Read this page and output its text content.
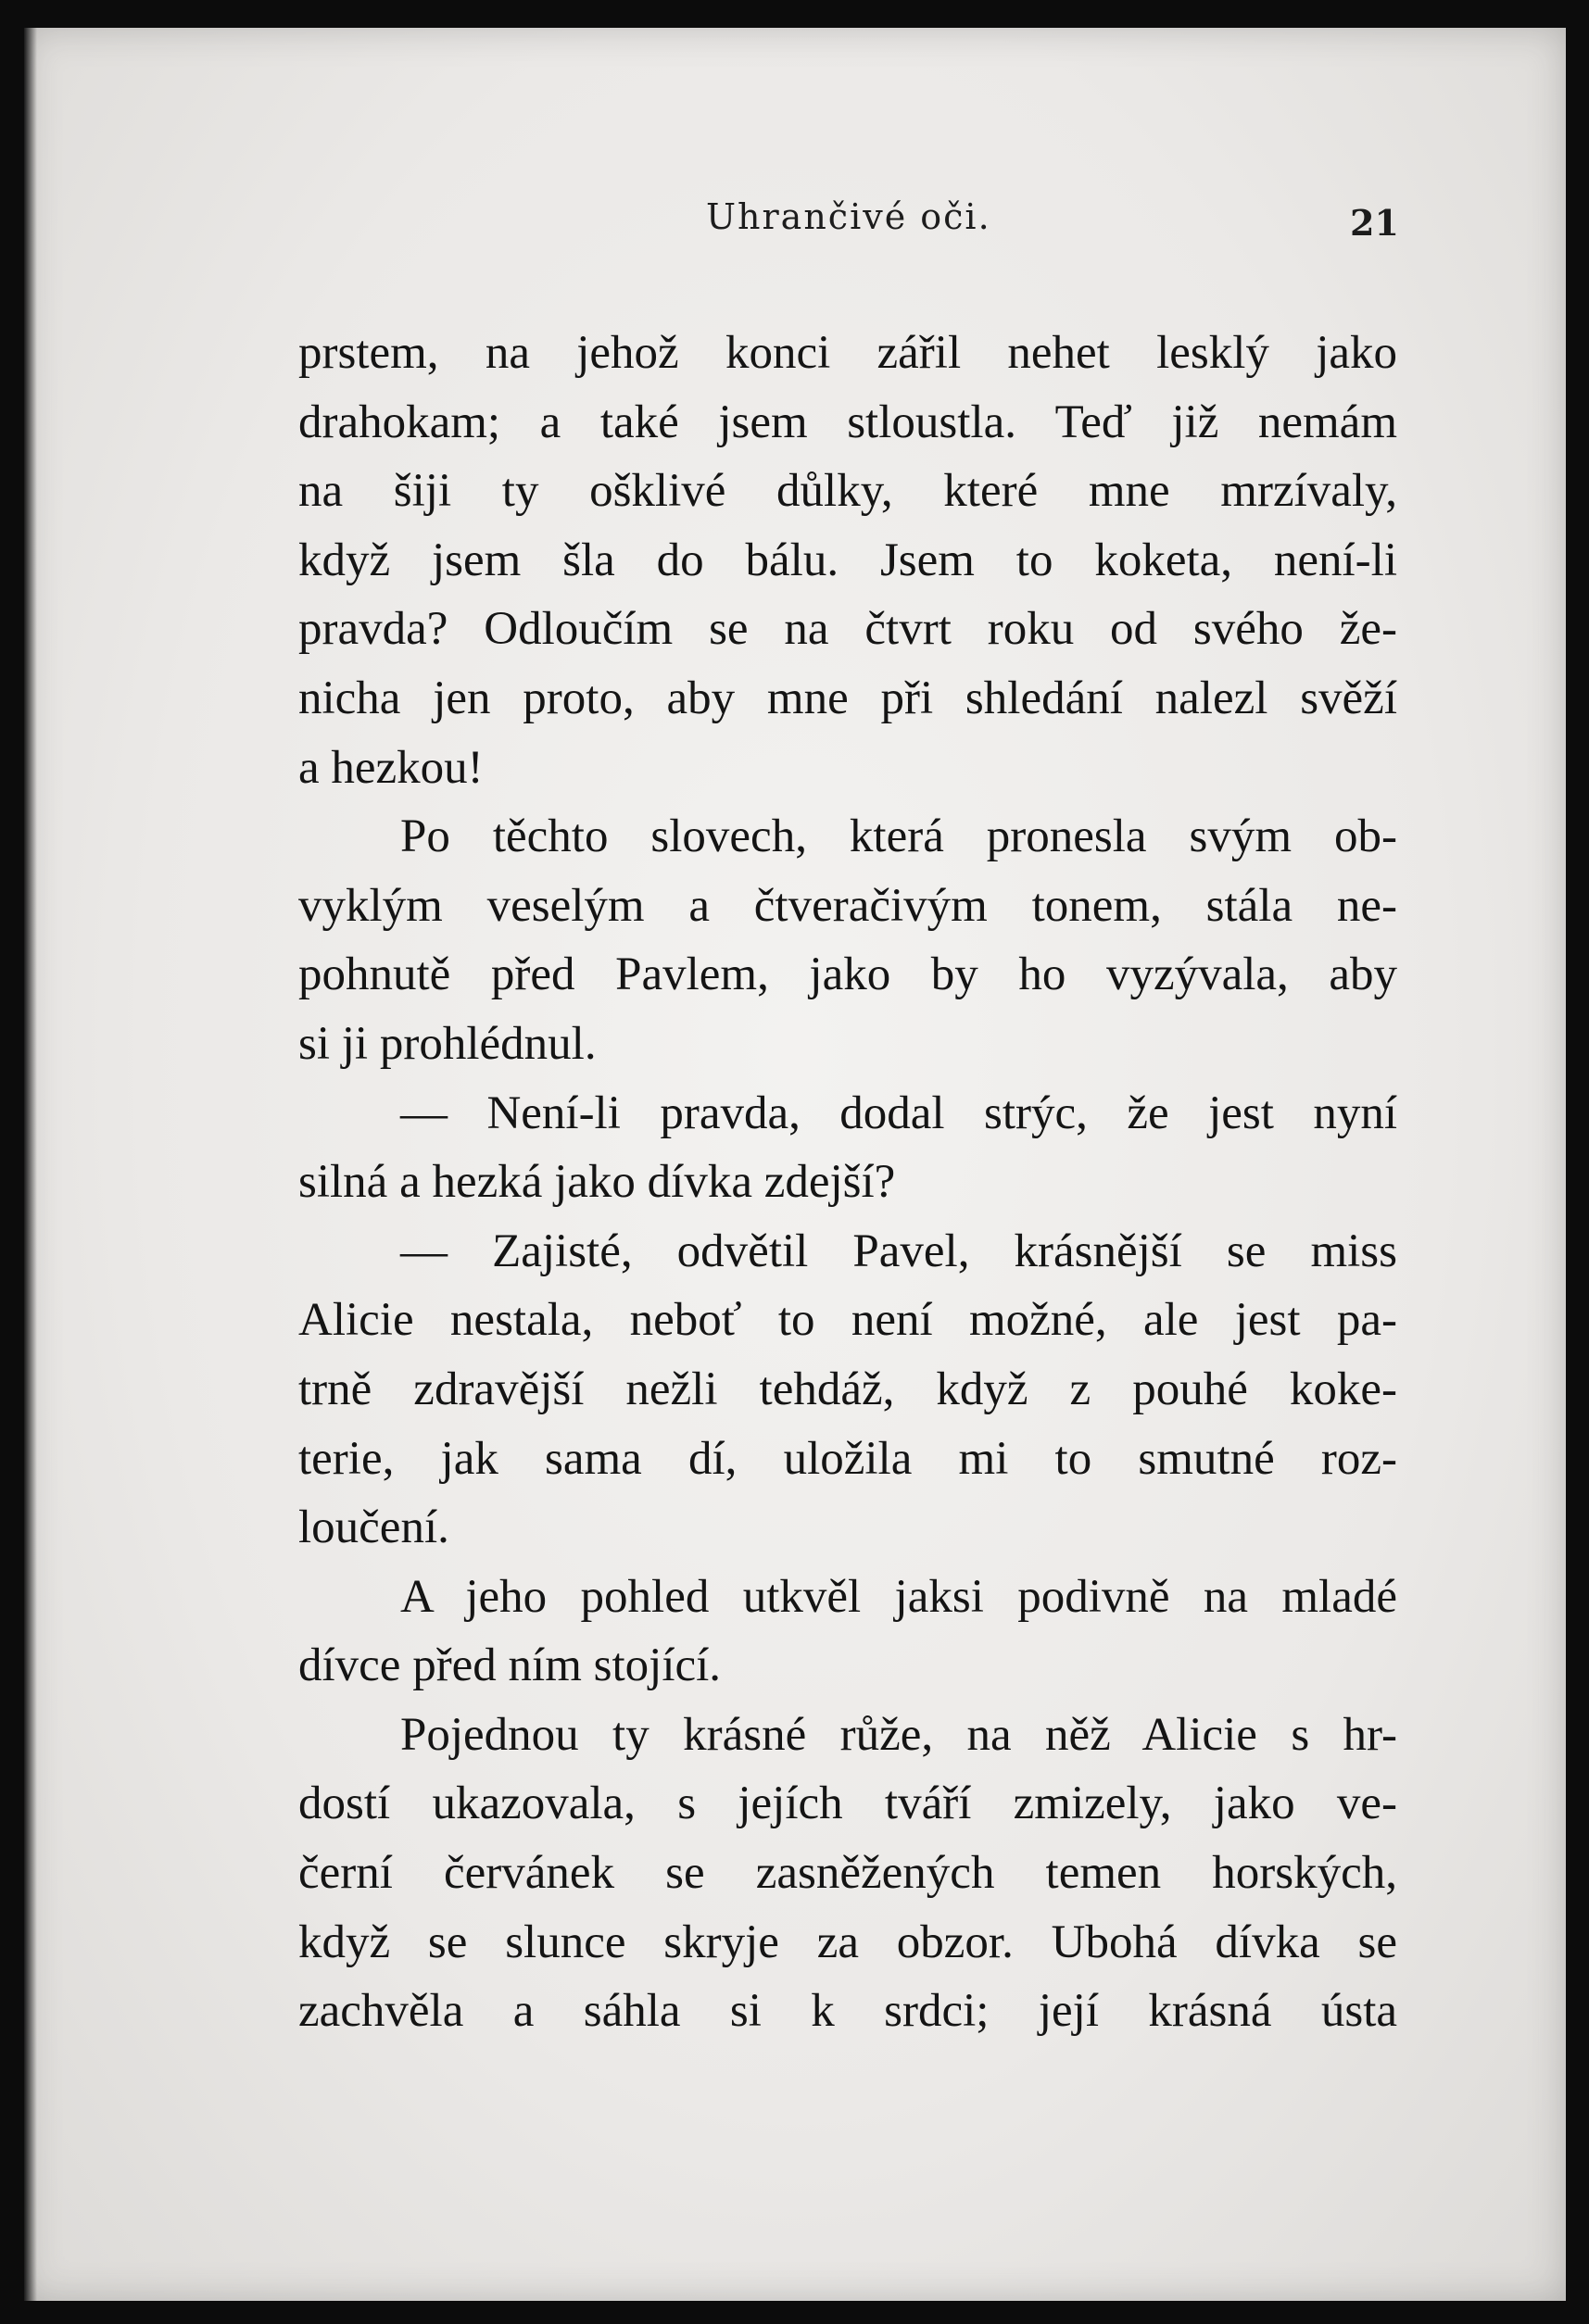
Uhrančivé oči.	21
prstem, na jehož konci zářil nehet lesklý jako
drahokam; a také jsem stloustla. Teď již nemám
na šiji ty ošklivé důlky, které mne mrzívaly,
když jsem šla do bálu. Jsem to koketa, není-li
pravda? Odloučím se na čtvrt roku od svého že-
nicha jen proto, aby mne při shledání nalezl svěží
a hezkou!
Po těchto slovech, která pronesla svým ob-
vyklým veselým a čtveračivým tonem, stála ne-
pohnutě před Pavlem, jako by ho vyzývala, aby
si ji prohlédnul.
— Není-li pravda, dodal strýc, že jest nyní
silná a hezká jako dívka zdejší?
— Zajisté, odvětil Pavel, krásnější se miss
Alicie nestala, neboť to není možné, ale jest pa-
trně zdravější nežli tehdáž, když z pouhé koke-
terie, jak sama dí, uložila mi to smutné roz-
loučení.
A jeho pohled utkvěl jaksi podivně na mladé
dívce před ním stojící.
Pojednou ty krásné růže, na něž Alicie s hr-
dostí ukazovala, s jejích tváří zmizely, jako ve-
černí červánek se zasněžených temen horských,
když se slunce skryje za obzor. Ubohá dívka se
zachvěla a sáhla si k srdci; její krásná ústa
